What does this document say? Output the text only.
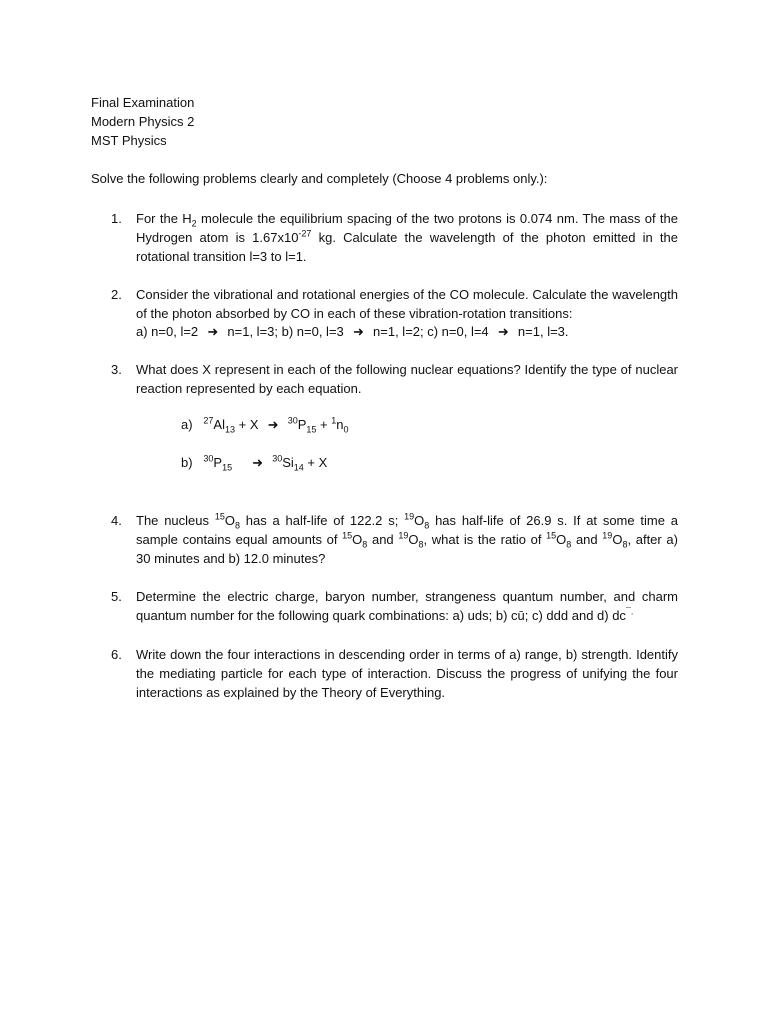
Final Examination
Modern Physics 2
MST Physics
Solve the following problems clearly and completely (Choose 4 problems only.):
1. For the $H_2$ molecule the equilibrium spacing of the two protons is 0.074 nm. The mass of the Hydrogen atom is $1.67x10^{-27}$ kg. Calculate the wavelength of the photon emitted in the rotational transition l=3 to l=1.
2. Consider the vibrational and rotational energies of the CO molecule. Calculate the wavelength of the photon absorbed by CO in each of these vibration-rotation transitions:
a) n=0, l=2 ➜ n=1, l=3; b) n=0, l=3 ➜ n=1, l=2; c) n=0, l=4 ➜ n=1, l=3.
3. What does X represent in each of the following nuclear equations? Identify the type of nuclear reaction represented by each equation.
a) $^{27}Al_{13} + X$ ➜ $^{30}P_{15} + ^1n_0$
b) $^{30}P_{15}$ ➜ $^{30}Si_{14} + X$
4. The nucleus $^{15}O_8$ has a half-life of 122.2 s; $^{19}O_8$ has half-life of 26.9 s. If at some time a sample contains equal amounts of $^{15}O_8$ and $^{19}O_8$, what is the ratio of $^{15}O_8$ and $^{19}O_8$, after a) 30 minutes and b) 12.0 minutes?
5. Determine the electric charge, baryon number, strangeness quantum number, and charm quantum number for the following quark combinations: a) uds; b) cū; c) ddd and d) dc¯.
6. Write down the four interactions in descending order in terms of a) range, b) strength. Identify the mediating particle for each type of interaction. Discuss the progress of unifying the four interactions as explained by the Theory of Everything.
